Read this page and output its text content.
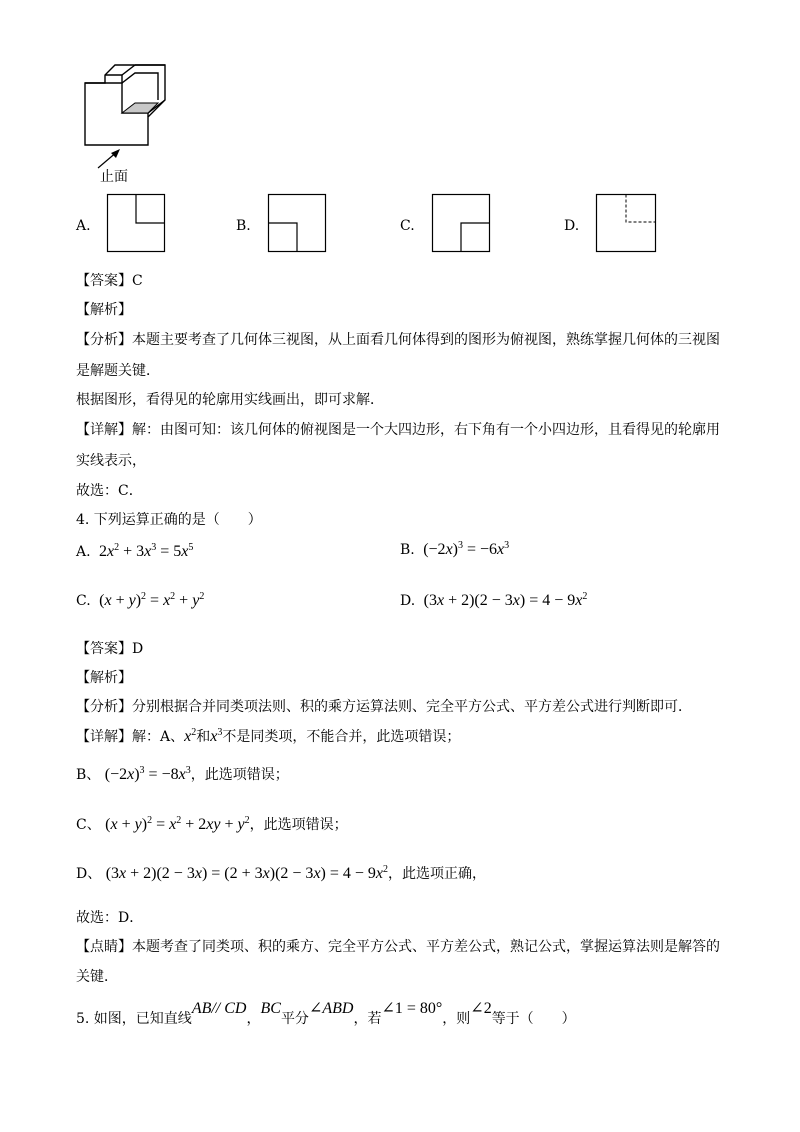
止面
A.	B.	C.	D.
【答案】C
【解析】
【分析】本题主要考查了几何体三视图，从上面看几何体得到的图形为俯视图，熟练掌握几何体的三视图
是解题关键．
根据图形，看得见的轮廓用实线画出，即可求解．
【详解】解：由图可知：该几何体的俯视图是一个大四边形，右下角有一个小四边形，且看得见的轮廓用
实线表示，
故选：C．
4. 下列运算正确的是（　　）
A.  $2x^2 + 3x^3 = 5x^5$	B.  $(-2x)^3 = -6x^3$
C.  $(x + y)^2 = x^2 + y^2$	D.  $(3x + 2)(2 - 3x) = 4 - 9x^2$
【答案】D
【解析】
【分析】分别根据合并同类项法则、积的乘方运算法则、完全平方公式、平方差公式进行判断即可．
【详解】解：A、$x^2$和$x^3$不是同类项，不能合并，此选项错误；
B、 $(-2x)^3 = -8x^3$，此选项错误；
C、 $(x + y)^2 = x^2 + 2xy + y^2$，此选项错误；
D、 $(3x + 2)(2 - 3x) = (2 + 3x)(2 - 3x) = 4 - 9x^2$，此选项正确，
故选：D．
【点睛】本题考查了同类项、积的乘方、完全平方公式、平方差公式，熟记公式，掌握运算法则是解答的
关键．
5. 如图，已知直线AB// CD，BC平分∠ABD，若∠1 = 80°，则∠2等于（　　）
